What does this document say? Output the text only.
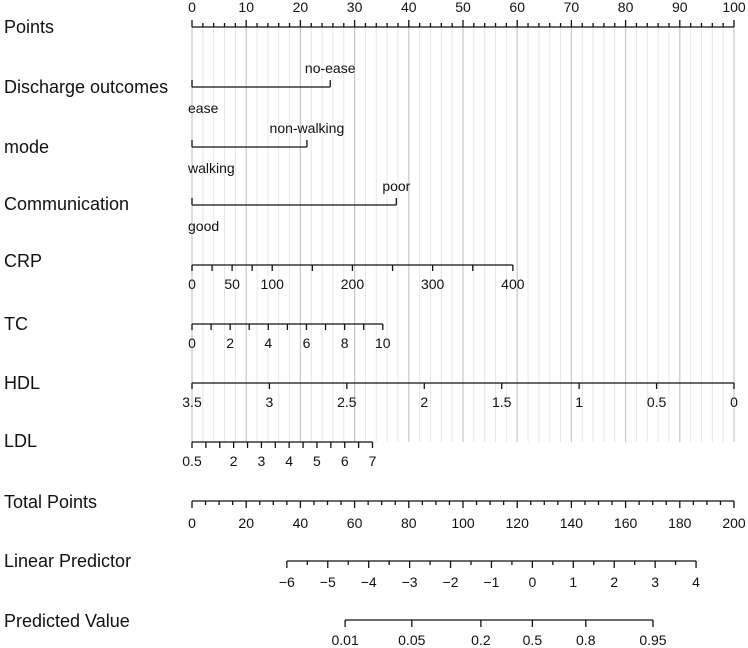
Points
0	10	20	30	40	50	60	70	80	90 100
Discharge outcomes
ease
no-ease
mode
walking
non-walking
Communication
good
poor
CRP
0 50 100	200	300	400
TC
0 2 4 6 8 10
HDL
3.5	3	2.5	2	1.5	1	0.5	0
LDL
0.5 2 3 4 5 6 7
Total Points
0	20	40	60	80 100 120 140 160 180 200
Linear Predictor
−6 −5 −4 −3 −2 −1 0 1 2 3 4
Predicted Value
0.01	0.05	0.2 0.5 0.8	0.95
